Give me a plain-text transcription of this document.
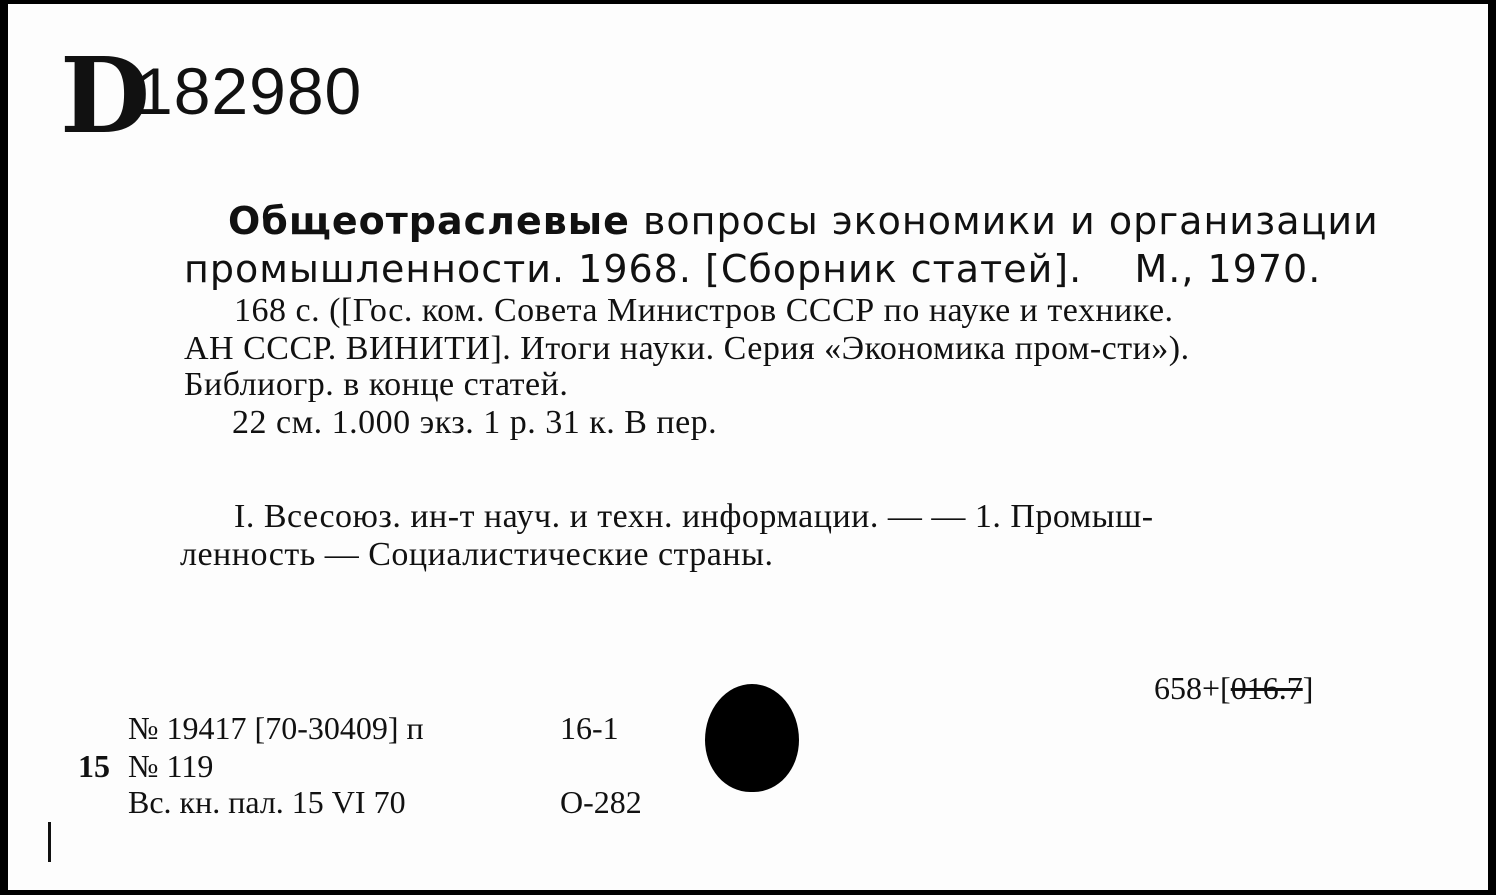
D
182980
Общеотраслевые вопросы экономики и организации
промышленности. 1968. [Сборник статей].    М., 1970.
168 с. ([Гос. ком. Совета Министров СССР по науке и технике.
АН СССР. ВИНИТИ]. Итоги науки. Серия «Экономика пром-сти»).
Библиогр. в конце статей.
22 см. 1.000 экз. 1 р. 31 к. В пер.
I. Всесоюз. ин-т науч. и техн. информации. — — 1. Промыш-
ленность — Социалистические страны.
658+[016.7]
№ 19417 [70-30409] п	16-1
15 № 119
Вс. кн. пал. 15 VI 70	О-282
